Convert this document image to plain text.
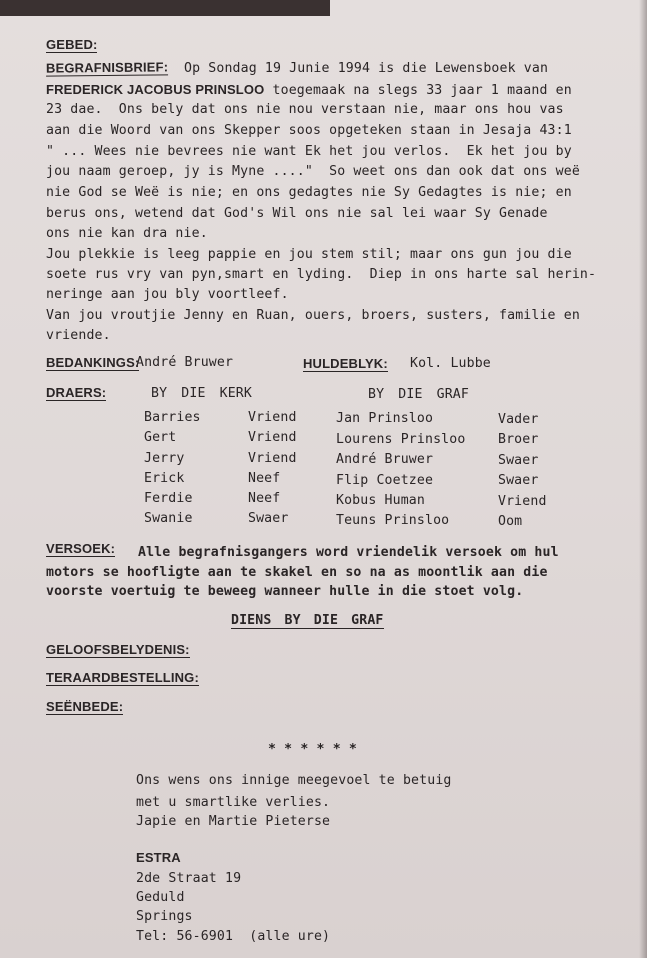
GEBED:
BEGRAFNISBRIEF: Op Sondag 19 Junie 1994 is die Lewensboek van
FREDERICK JACOBUS PRINSLOO toegemaak na slegs 33 jaar 1 maand en
23 dae.  Ons bely dat ons nie nou verstaan nie, maar ons hou vas
aan die Woord van ons Skepper soos opgeteken staan in Jesaja 43:1
" ... Wees nie bevrees nie want Ek het jou verlos.  Ek het jou by
jou naam geroep, jy is Myne ...."  So weet ons dan ook dat ons weë
nie God se Weë is nie; en ons gedagtes nie Sy Gedagtes is nie; en
berus ons, wetend dat God's Wil ons nie sal lei waar Sy Genade
ons nie kan dra nie.
Jou plekkie is leeg pappie en jou stem stil; maar ons gun jou die
soete rus vry van pyn,smart en lyding.  Diep in ons harte sal herin-
neringe aan jou bly voortleef.
Van jou vroutjie Jenny en Ruan, ouers, broers, susters, familie en
vriende.
BEDANKINGS:
André Bruwer	HULDEBLYK: Kol. Lubbe
DRAERS:	BY DIE KERK	BY DIE GRAF
Barries	Vriend
Gert	Vriend
Jerry	Vriend
Erick	Neef
Ferdie	Neef
Swanie	Swaer
Jan Prinsloo	Vader
Lourens Prinsloo Broer
André Bruwer	Swaer
Flip Coetzee	Swaer
Kobus Human	Vriend
Teuns Prinsloo	Oom
VERSOEK: Alle begrafnisgangers word vriendelik versoek om hul
motors se hoofligte aan te skakel en so na as moontlik aan die
voorste voertuig te beweeg wanneer hulle in die stoet volg.
DIENS BY DIE GRAF
GELOOFSBELYDENIS:
TERAARDBESTELLING:
SEËNBEDE:
* * * * * *
Ons wens ons innige meegevoel te betuig
met u smartlike verlies.
Japie en Martie Pieterse
ESTRA
2de Straat 19
Geduld
Springs
Tel: 56-6901  (alle ure)
